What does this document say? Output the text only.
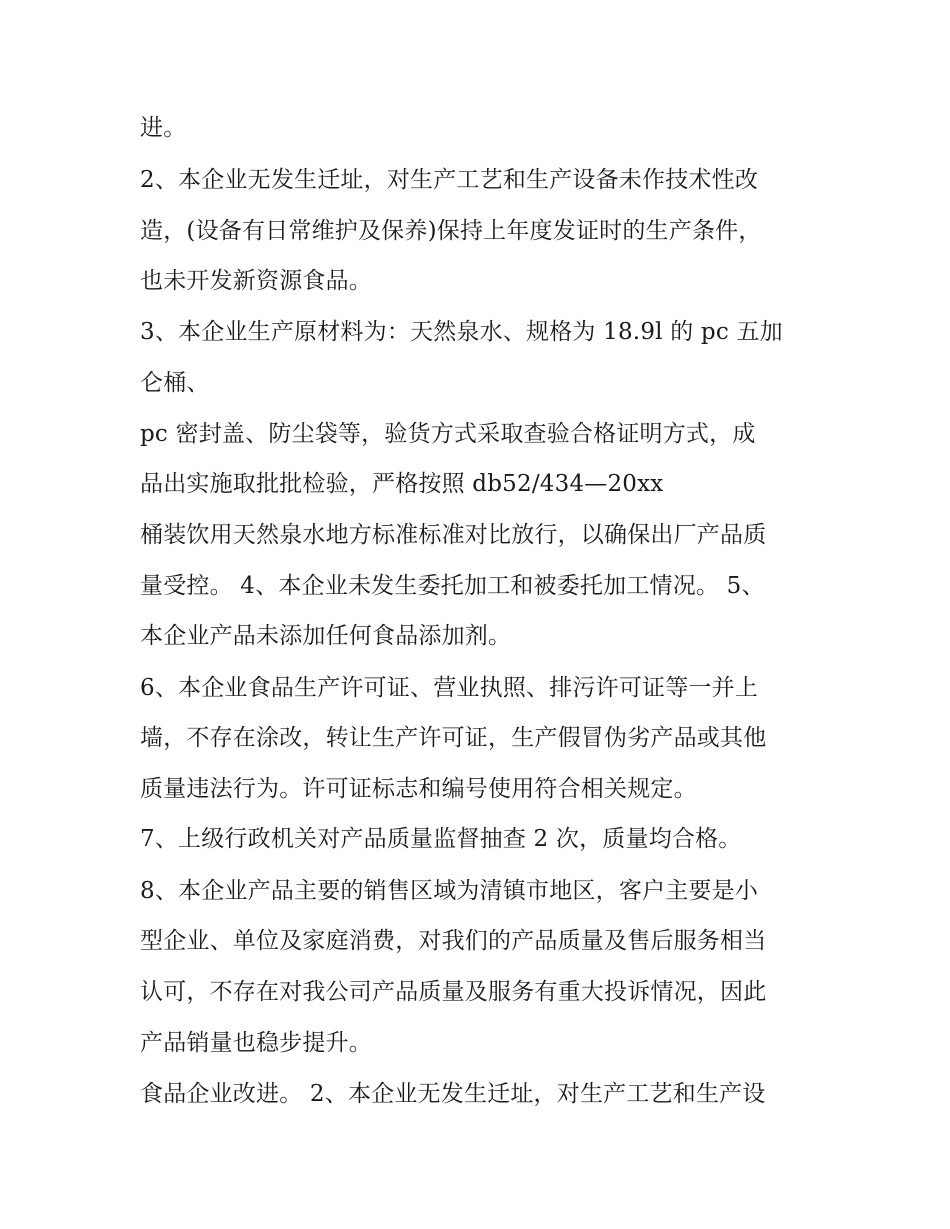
进。
2、本企业无发生迁址，对生产工艺和生产设备未作技术性改
造，(设备有日常维护及保养)保持上年度发证时的生产条件，
也未开发新资源食品。
3、本企业生产原材料为：天然泉水、规格为 18.9l 的 pc 五加
仑桶、
pc 密封盖、防尘袋等，验货方式采取查验合格证明方式，成
品出实施取批批检验，严格按照 db52/434—20xx
桶装饮用天然泉水地方标准标准对比放行，以确保出厂产品质
量受控。 4、本企业未发生委托加工和被委托加工情况。 5、
本企业产品未添加任何食品添加剂。
6、本企业食品生产许可证、营业执照、排污许可证等一并上
墙，不存在涂改，转让生产许可证，生产假冒伪劣产品或其他
质量违法行为。许可证标志和编号使用符合相关规定。
7、上级行政机关对产品质量监督抽查 2 次，质量均合格。
8、本企业产品主要的销售区域为清镇市地区，客户主要是小
型企业、单位及家庭消费，对我们的产品质量及售后服务相当
认可，不存在对我公司产品质量及服务有重大投诉情况，因此
产品销量也稳步提升。
食品企业改进。 2、本企业无发生迁址，对生产工艺和生产设
